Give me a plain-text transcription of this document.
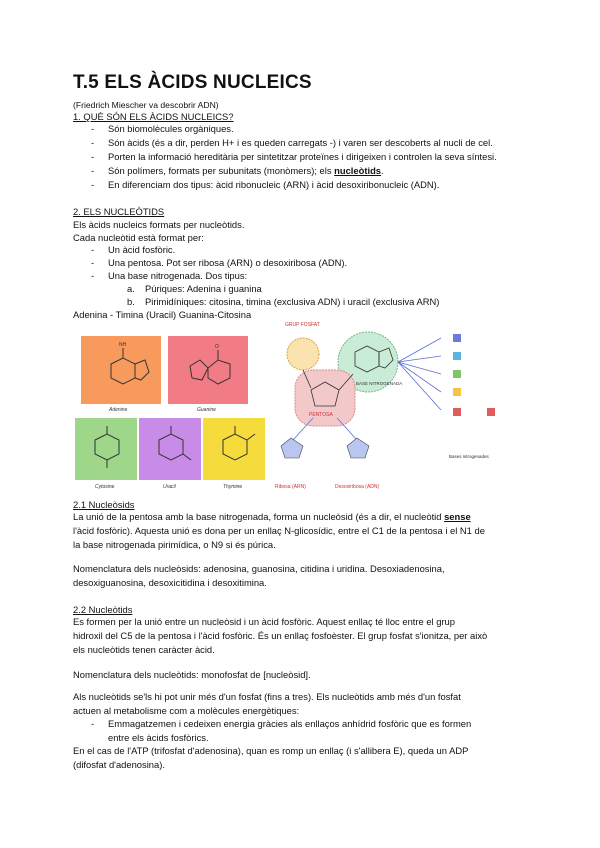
T.5 ELS ÀCIDS NUCLEICS
(Friedrich Miescher va descobrir ADN)
1. QUÈ SÓN ELS ÀCIDS NUCLEICS?
- Són biomolècules orgàniques.
- Són àcids (és a dir, perden H+ i es queden carregats -) i varen ser descoberts al nucli de cel.
- Porten la informació hereditària per sintetitzar proteïnes i dirigeixen i controlen la seva síntesi.
- Són polímers, formats per subunitats (monòmers); els nucleòtids.
- En diferenciam dos tipus: àcid ribonucleic (ARN) i àcid desoxiribonucleic (ADN).
2. ELS NUCLEÒTIDS
Els àcids nucleics formats per nucleòtids.
Cada nucleòtid està format per:
- Un àcid fosfòric.
- Una pentosa. Pot ser ribosa (ARN) o desoxiribosa (ADN).
- Una base nitrogenada. Dos tipus:
a. Púriques: Adenina i guanina
b. Pirimidíniques: citosina, timina (exclusiva ADN) i uracil (exclusiva ARN)
Adenina - Timina (Uracil) Guanina-Citosina
NH	O
Adenine	Guanine
Cytosine	Uracil	Thymine
GRUP FOSFAT
BASE NITROGENADA
PENTOSA
Ribosa (ARN)	Desoxiribosa (ADN)
Bases nitrogenades
2.1 Nucleòsids
La unió de la pentosa amb la base nitrogenada, forma un nucleòsid (és a dir, el nucleòtid sense
l'àcid fosfòric). Aquesta unió es dona per un enllaç N-glicosídic, entre el C1 de la pentosa i el N1 de
la base nitrogenada pirimídica, o N9 si és púrica.
Nomenclatura dels nucleòsids: adenosina, guanosina, citidina i uridina. Desoxiadenosina,
desoxiguanosina, desoxicitidina i desoxitimina.
2.2 Nucleòtids
Es formen per la unió entre un nucleòsid i un àcid fosfòric. Aquest enllaç té lloc entre el grup
hidroxil del C5 de la pentosa i l'àcid fosfòric. És un enllaç fosfoèster. El grup fosfat s'ionitza, per això
els nucleòtids tenen caràcter àcid.
Nomenclatura dels nucleòtids: monofosfat de [nucleòsid].
Als nucleòtids se'ls hi pot unir més d'un fosfat (fins a tres). Els nucleòtids amb més d'un fosfat
actuen al metabolisme com a molècules energètiques:
- Emmagatzemen i cedeixen energia gràcies als enllaços anhídrid fosfòric que es formen
entre els àcids fosfòrics.
En el cas de l'ATP (trifosfat d'adenosina), quan es romp un enllaç (i s'allibera E), queda un ADP
(difosfat d'adenosina).
